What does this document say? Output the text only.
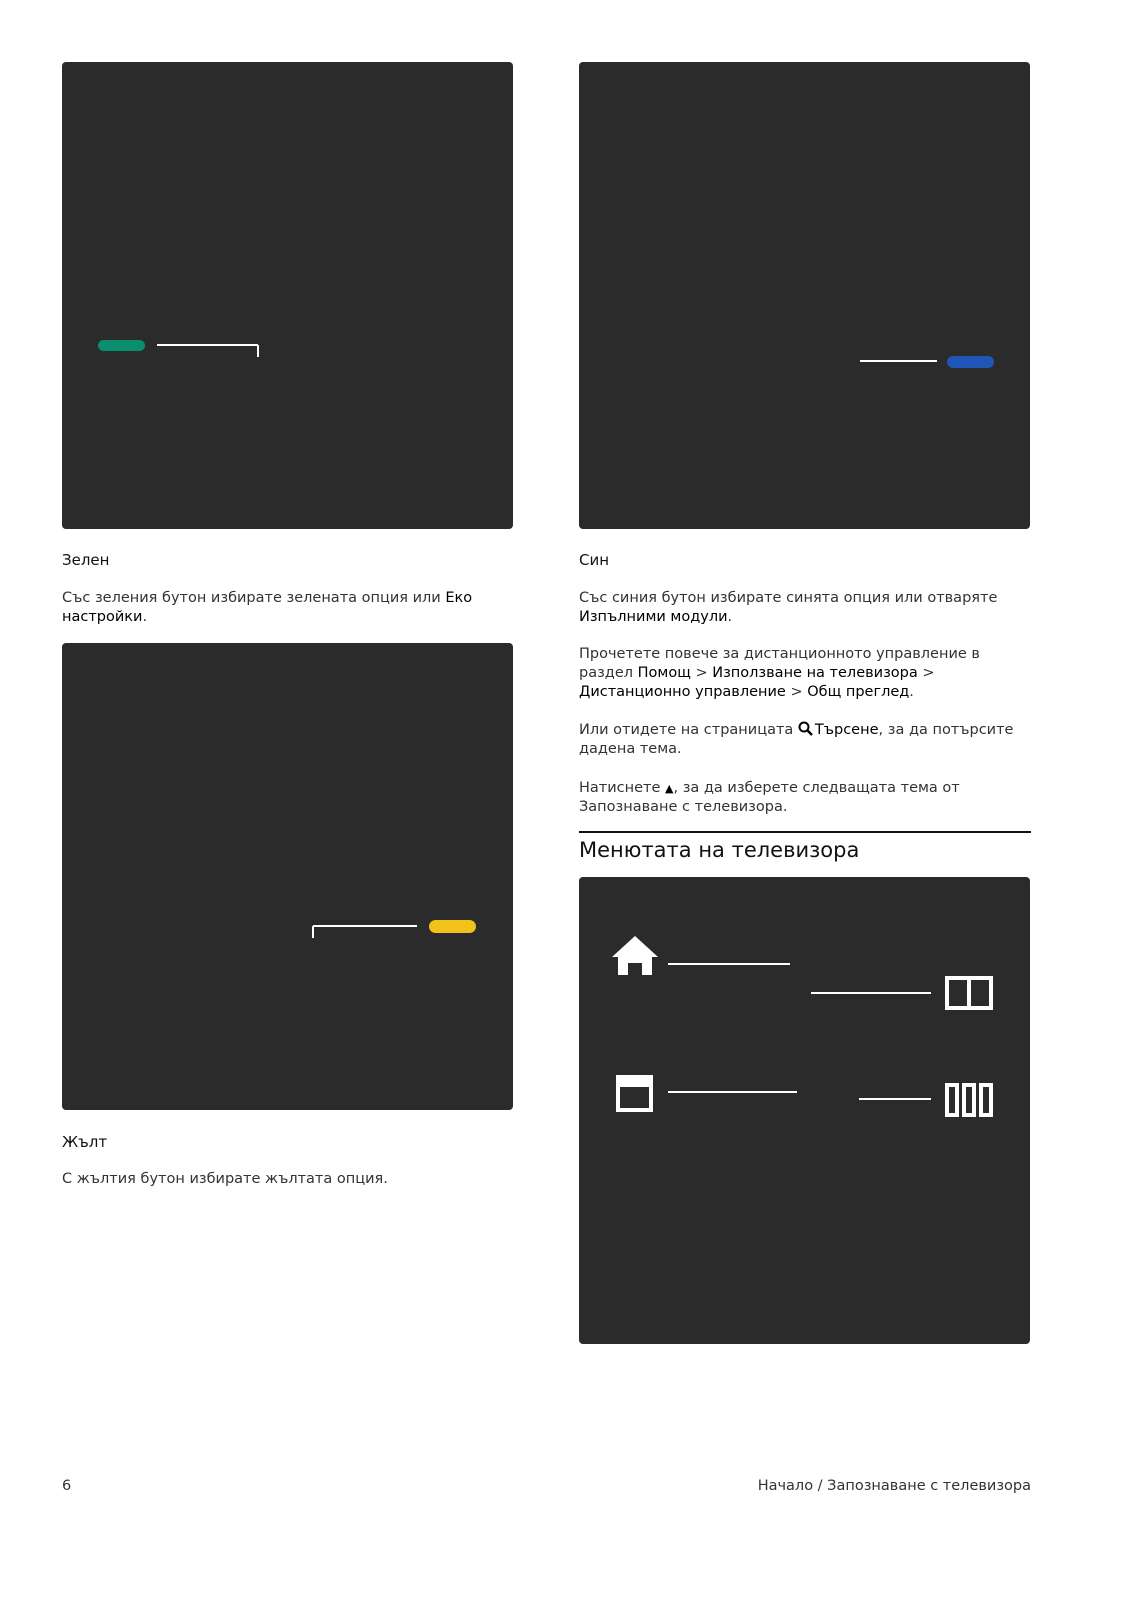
Зелен
Със зеления бутон избирате зелената опция или Еко настройки.
Жълт
С жълтия бутон избирате жълтата опция.
Син
Със синия бутон избирате синята опция или отваряте Изпълними модули.
Прочетете повече за дистанционното управление в раздел Помощ > Използване на телевизора > Дистанционно управление > Общ преглед.
Или отидете на страницата Търсене, за да потърсите дадена тема.
Натиснете ▲, за да изберете следващата тема от Запознаване с телевизора.
Менютата на телевизора
6	Начало / Запознаване с телевизора
